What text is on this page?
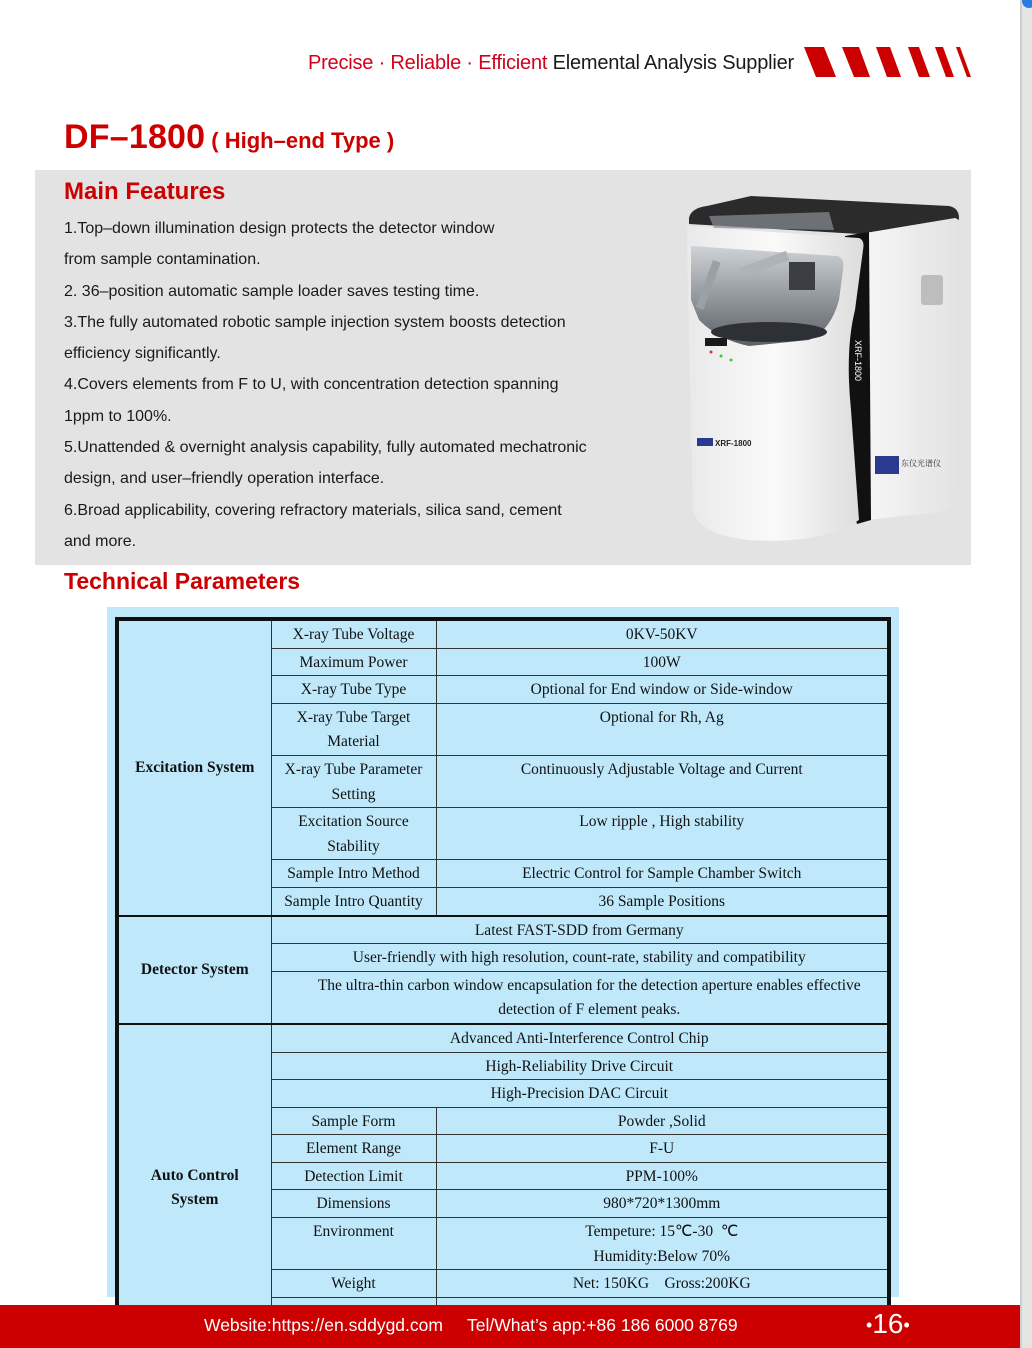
Precise · Reliable · Efficient Elemental Analysis Supplier
DF–1800 ( High–end Type )
Main Features
1.Top–down illumination design protects the detector window
from sample contamination.
2. 36–position automatic sample loader saves testing time.
3.The fully automated robotic sample injection system boosts detection
efficiency significantly.
4.Covers elements from F to U, with concentration detection spanning
1ppm to 100%.
5.Unattended & overnight analysis capability, fully automated mechatronic
design, and user–friendly operation interface.
6.Broad applicability, covering refractory materials, silica sand, cement
and more.
XRF-1800
XRF-1800
东仪光谱仪
Technical Parameters
Excitation System	X-ray Tube Voltage	0KV-50KV
	Maximum Power	100W
	X-ray Tube Type	Optional for End window or Side-window
	X-ray Tube Target Material	Optional for Rh, Ag
	X-ray Tube Parameter Setting	Continuously Adjustable Voltage and Current
	Excitation Source Stability	Low ripple , High stability
	Sample Intro Method	Electric Control for Sample Chamber Switch
	Sample Intro Quantity	36 Sample Positions
Detector System	Latest FAST-SDD from Germany	
	User-friendly with high resolution, count-rate, stability and compatibility	
	The ultra-thin carbon window encapsulation for the detection aperture enables effective detection of F element peaks.	
Auto Control System	Advanced Anti-Interference Control Chip	
	High-Reliability Drive Circuit	
	High-Precision DAC Circuit	
	Sample Form	Powder ,Solid
	Element Range	F-U
	Detection Limit	PPM-100%
	Dimensions	980*720*1300mm
	Environment	Tempeture: 15℃-30  ℃
Humidity:Below 70%

	Weight	Net: 150KG    Gross:200KG

Website:https://en.sddygd.com Tel/What’s app:+86 186 6000 8769	•16•
